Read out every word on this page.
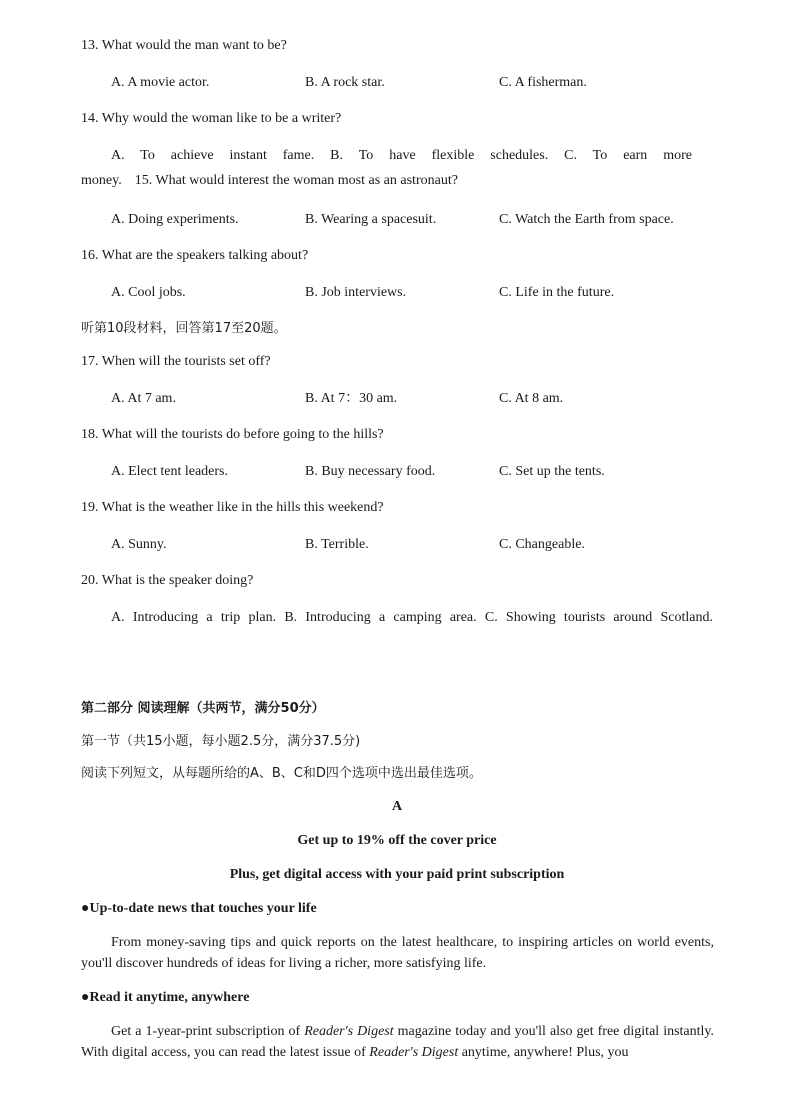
13. What would the man want to be?
A. A movie actor.	B. A rock star.	C. A fisherman.
14. Why would the woman like to be a writer?
A. To achieve instant fame. B. To have flexible schedules. C. To earn more
money. 15. What would interest the woman most as an astronaut?
A. Doing experiments.	B. Wearing a spacesuit.	C. Watch the Earth from space.
16. What are the speakers talking about?
A. Cool jobs.	B. Job interviews.	C. Life in the future.
听第10段材料，回答第17至20题。
17. When will the tourists set off?
A. At 7 am.	B. At 7：30 am.	C. At 8 am.
18. What will the tourists do before going to the hills?
A. Elect tent leaders.	B. Buy necessary food.	C. Set up the tents.
19. What is the weather like in the hills this weekend?
A. Sunny.	B. Terrible.	C. Changeable.
20. What is the speaker doing?
A. Introducing a trip plan. B. Introducing a camping area. C. Showing tourists around Scotland.
第二部分 阅读理解（共两节，满分50分）
第一节（共15小题，每小题2.5分，满分37.5分)
阅读下列短文，从每题所给的A、B、C和D四个选项中选出最佳选项。
A
Get up to 19% off the cover price
Plus, get digital access with your paid print subscription
●Up-to-date news that touches your life
From money-saving tips and quick reports on the latest healthcare, to inspiring articles on world events, you'll discover hundreds of ideas for living a richer, more satisfying life.
●Read it anytime, anywhere
Get a 1-year-print subscription of Reader's Digest magazine today and you'll also get free digital instantly. With digital access, you can read the latest issue of Reader's Digest anytime, anywhere! Plus, you
